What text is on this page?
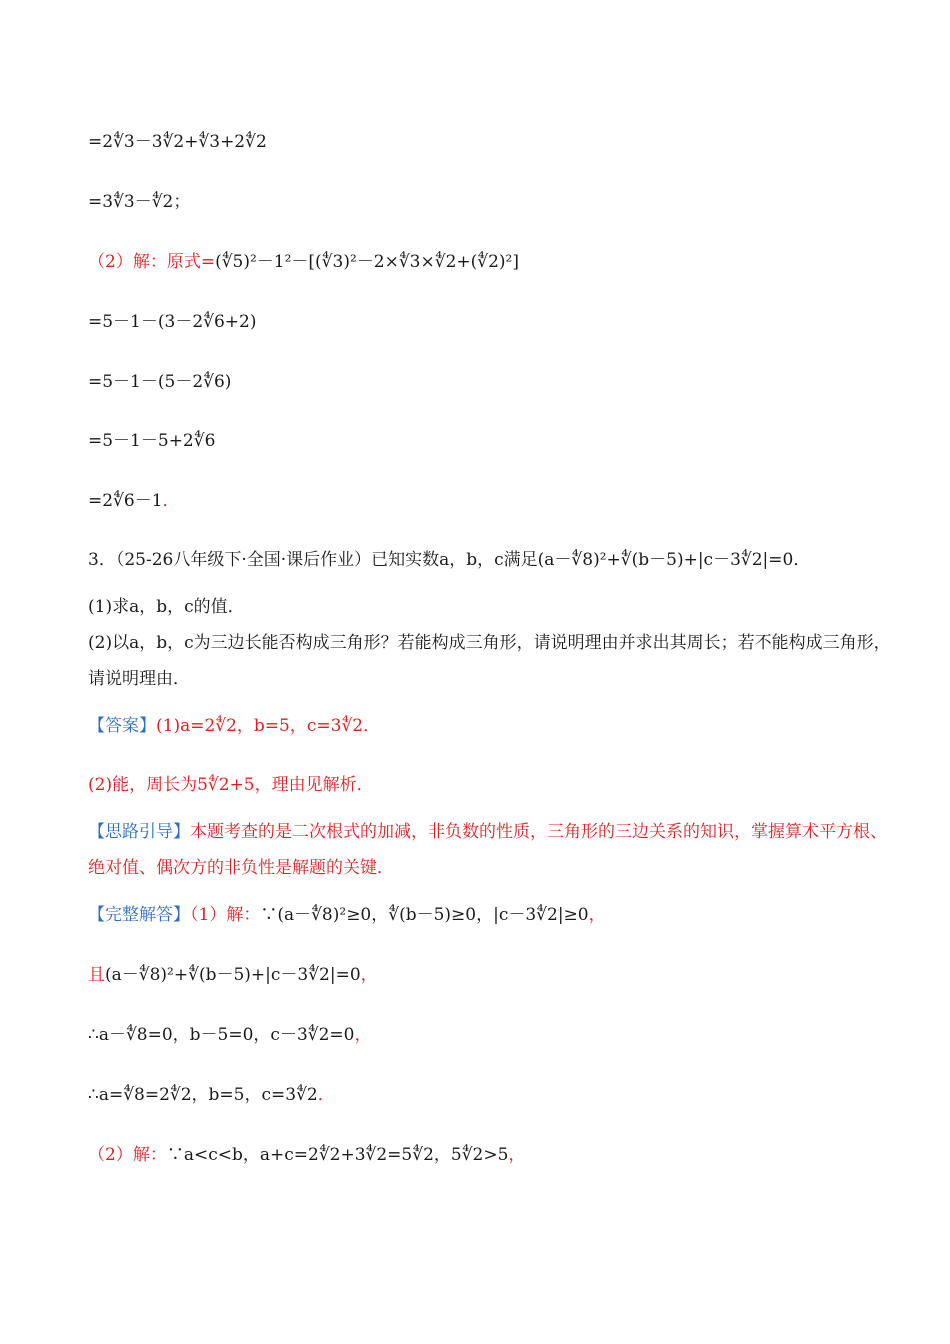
=2∜3－3∜2+∜3+2∜2
=3∜3－∜2；
（2）解：原式=(∜5)²－1²－[(∜3)²－2×∜3×∜2+(∜2)²]
=5－1－(3－2∜6+2)
=5－1－(5－2∜6)
=5－1－5+2∜6
=2∜6－1．
3．（25-26八年级下·全国·课后作业）已知实数a，b，c满足(a－∜8)²+∜(b－5)+|c－3∜2|=0．
(1)求a，b，c的值．
(2)以a，b，c为三边长能否构成三角形？若能构成三角形，请说明理由并求出其周长；若不能构成三角形，
请说明理由．
【答案】(1)a=2∜2，b=5，c=3∜2．
(2)能，周长为5∜2+5，理由见解析．
【思路引导】本题考查的是二次根式的加减，非负数的性质，三角形的三边关系的知识，掌握算术平方根、
绝对值、偶次方的非负性是解题的关键．
【完整解答】（1）解：∵(a－∜8)²≥0，∜(b－5)≥0，|c－3∜2|≥0，
且(a－∜8)²+∜(b－5)+|c－3∜2|=0，
∴a－∜8=0，b－5=0，c－3∜2=0，
∴a=∜8=2∜2，b=5，c=3∜2．
（2）解：∵a<c<b，a+c=2∜2+3∜2=5∜2，5∜2>5，
